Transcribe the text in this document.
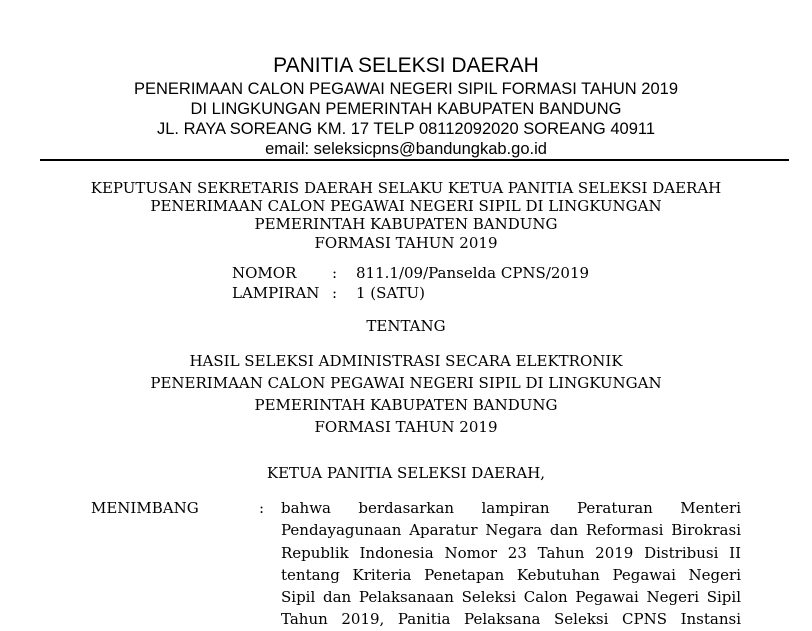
PANITIA SELEKSI DAERAH
PENERIMAAN CALON PEGAWAI NEGERI SIPIL FORMASI TAHUN 2019
DI LINGKUNGAN PEMERINTAH KABUPATEN BANDUNG
JL. RAYA SOREANG KM. 17 TELP 08112092020 SOREANG 40911
email: seleksicpns@bandungkab.go.id
KEPUTUSAN SEKRETARIS DAERAH SELAKU KETUA PANITIA SELEKSI DAERAH
PENERIMAAN CALON PEGAWAI NEGERI SIPIL DI LINGKUNGAN
PEMERINTAH KABUPATEN BANDUNG
FORMASI TAHUN 2019
NOMOR : 811.1/09/Panselda CPNS/2019
LAMPIRAN : 1 (SATU)
TENTANG
HASIL SELEKSI ADMINISTRASI SECARA ELEKTRONIK
PENERIMAAN CALON PEGAWAI NEGERI SIPIL DI LINGKUNGAN
PEMERINTAH KABUPATEN BANDUNG
FORMASI TAHUN 2019
KETUA PANITIA SELEKSI DAERAH,
MENIMBANG	: bahwa berdasarkan lampiran Peraturan Menteri
Pendayagunaan Aparatur Negara dan Reformasi Birokrasi
Republik Indonesia Nomor 23 Tahun 2019 Distribusi II
tentang Kriteria Penetapan Kebutuhan Pegawai Negeri
Sipil dan Pelaksanaan Seleksi Calon Pegawai Negeri Sipil
Tahun 2019, Panitia Pelaksana Seleksi CPNS Instansi
